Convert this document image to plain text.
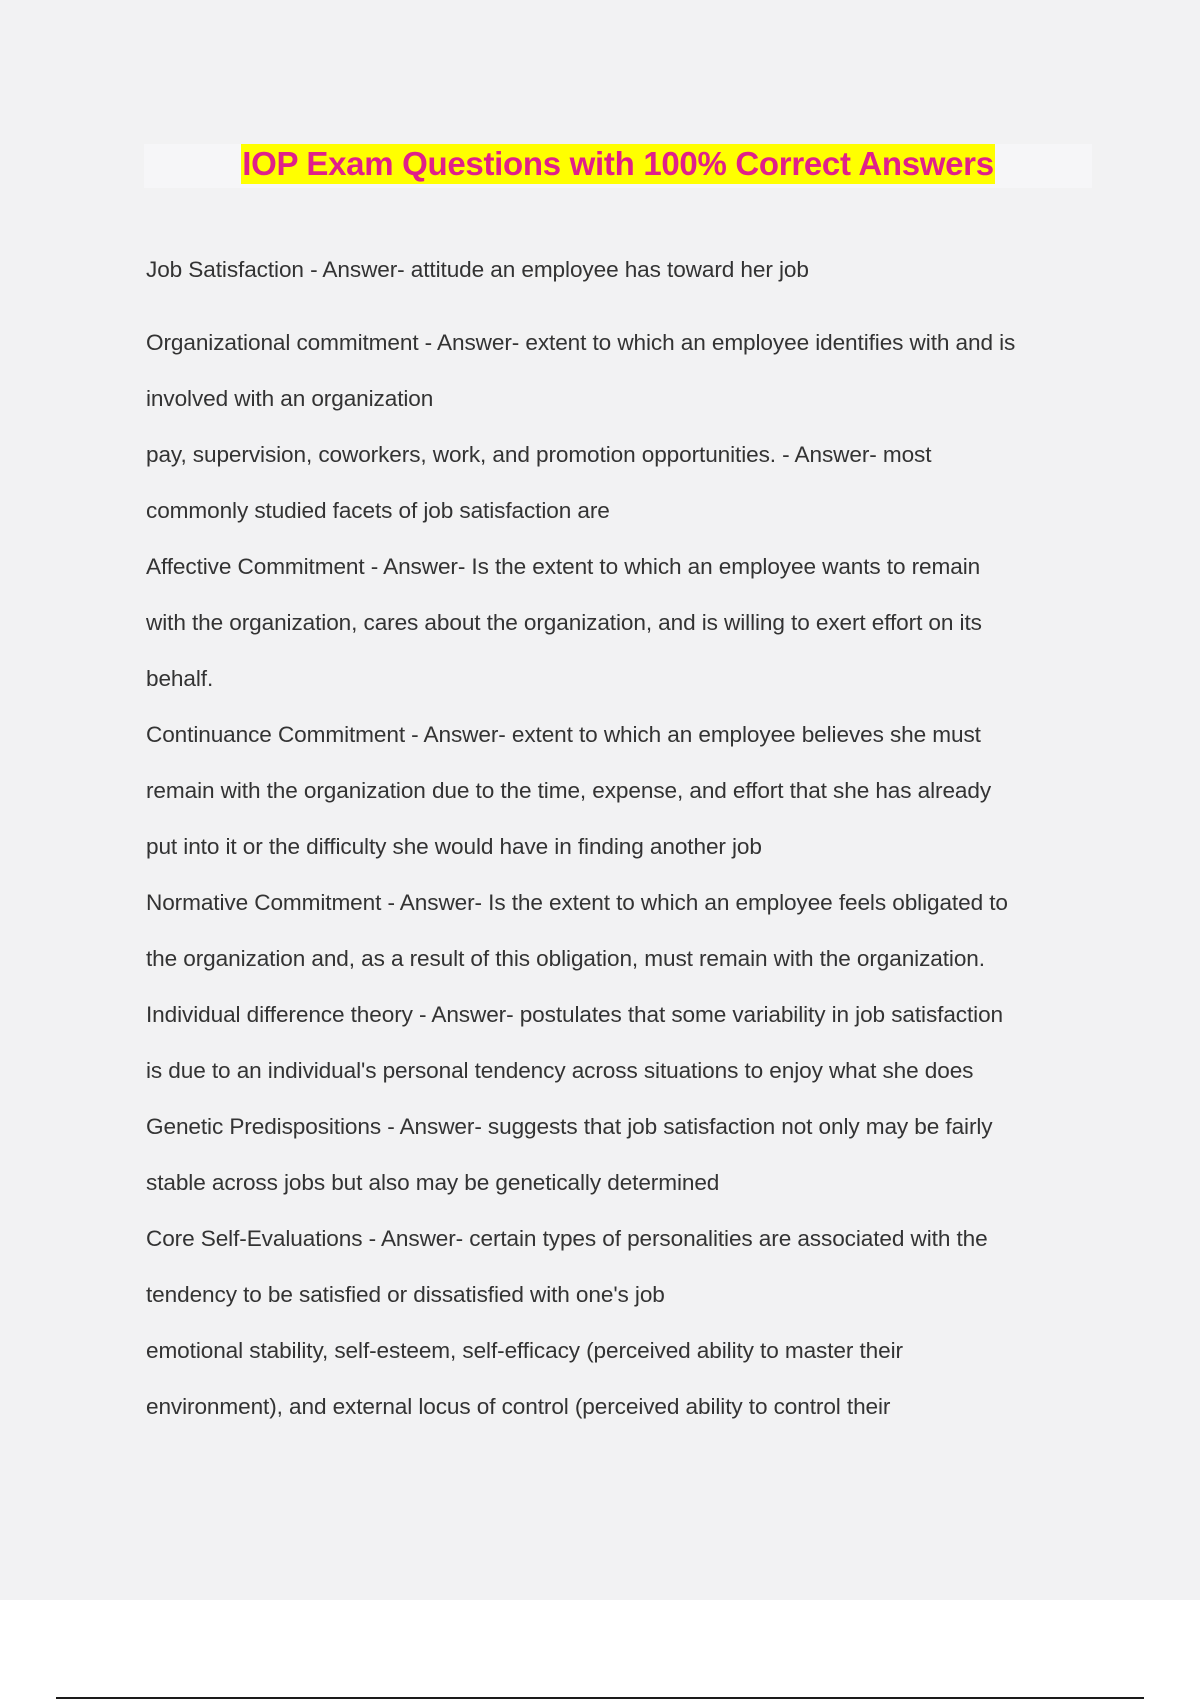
IOP Exam Questions with 100% Correct Answers
Job Satisfaction - Answer- attitude an employee has toward her job
Organizational commitment - Answer- extent to which an employee identifies with and is
involved with an organization
pay, supervision, coworkers, work, and promotion opportunities. - Answer- most
commonly studied facets of job satisfaction are
Affective Commitment - Answer- Is the extent to which an employee wants to remain
with the organization, cares about the organization, and is willing to exert effort on its
behalf.
Continuance Commitment - Answer- extent to which an employee believes she must
remain with the organization due to the time, expense, and effort that she has already
put into it or the difficulty she would have in finding another job
Normative Commitment - Answer- Is the extent to which an employee feels obligated to
the organization and, as a result of this obligation, must remain with the organization.
Individual difference theory - Answer- postulates that some variability in job satisfaction
is due to an individual's personal tendency across situations to enjoy what she does
Genetic Predispositions - Answer- suggests that job satisfaction not only may be fairly
stable across jobs but also may be genetically determined
Core Self-Evaluations - Answer- certain types of personalities are associated with the
tendency to be satisfied or dissatisfied with one's job
emotional stability, self-esteem, self-efficacy (perceived ability to master their
environment), and external locus of control (perceived ability to control their
